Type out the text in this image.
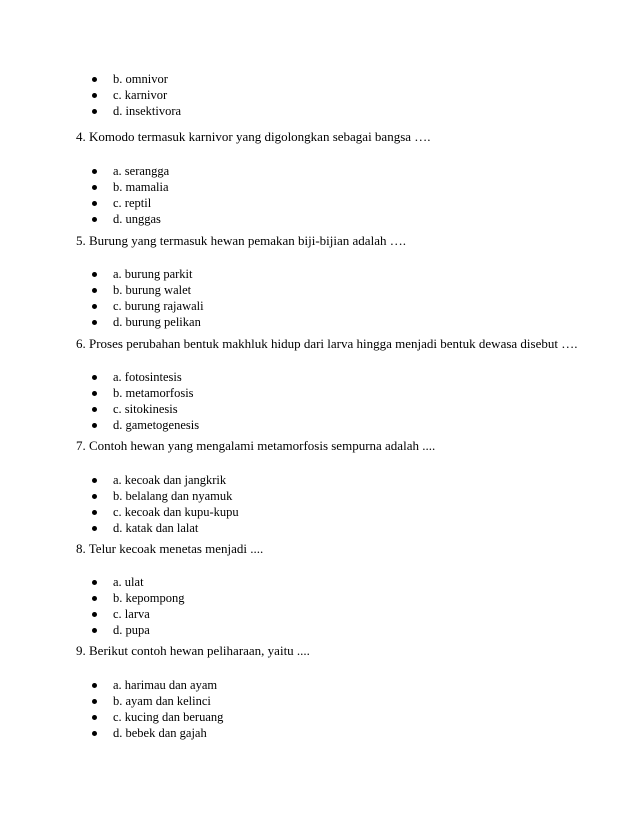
b. omnivor
c. karnivor
d. insektivora
4. Komodo termasuk karnivor yang digolongkan sebagai bangsa ….
a. serangga
b. mamalia
c. reptil
d. unggas
5. Burung yang termasuk hewan pemakan biji-bijian adalah ….
a. burung parkit
b. burung walet
c. burung rajawali
d. burung pelikan
6. Proses perubahan bentuk makhluk hidup dari larva hingga menjadi bentuk dewasa disebut ….
a. fotosintesis
b. metamorfosis
c. sitokinesis
d. gametogenesis
7. Contoh hewan yang mengalami metamorfosis sempurna adalah ....
a. kecoak dan jangkrik
b. belalang dan nyamuk
c. kecoak dan kupu-kupu
d. katak dan lalat
8. Telur kecoak menetas menjadi ....
a. ulat
b. kepompong
c. larva
d. pupa
9. Berikut contoh hewan peliharaan, yaitu ....
a. harimau dan ayam
b. ayam dan kelinci
c. kucing dan beruang
d. bebek dan gajah
